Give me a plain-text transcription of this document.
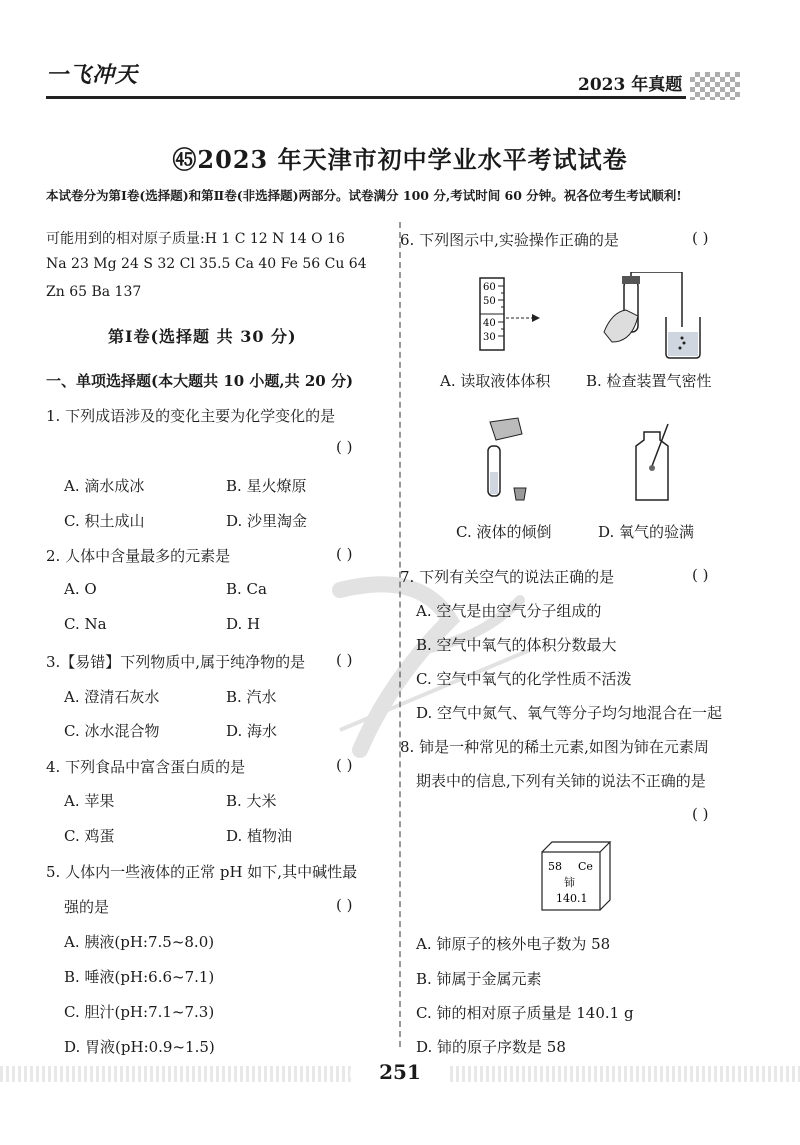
一飞冲天	2023 年真题
㊺2023 年天津市初中学业水平考试试卷
本试卷分为第Ⅰ卷(选择题)和第Ⅱ卷(非选择题)两部分。试卷满分 100 分,考试时间 60 分钟。祝各位考生考试顺利!
可能用到的相对原子质量:H 1 C 12 N 14 O 16
Na 23 Mg 24 S 32 Cl 35.5 Ca 40 Fe 56 Cu 64
Zn 65 Ba 137
第Ⅰ卷(选择题 共 30 分)
一、单项选择题(本大题共 10 小题,共 20 分)
1. 下列成语涉及的变化主要为化学变化的是
( )
A. 滴水成冰	B. 星火燎原
C. 积土成山	D. 沙里淘金
2. 人体中含量最多的元素是	( )
A. O	B. Ca
C. Na	D. H
3.【易错】下列物质中,属于纯净物的是 ( )
A. 澄清石灰水	B. 汽水
C. 冰水混合物	D. 海水
4. 下列食品中富含蛋白质的是	( )
A. 苹果	B. 大米
C. 鸡蛋	D. 植物油
5. 人体内一些液体的正常 pH 如下,其中碱性最
强的是	( )
A. 胰液(pH:7.5~8.0)
B. 唾液(pH:6.6~7.1)
C. 胆汁(pH:7.1~7.3)
D. 胃液(pH:0.9~1.5)
6. 下列图示中,实验操作正确的是	( )
60
50
40
30
A. 读取液体体积 B. 检查装置气密性
C. 液体的倾倒	D. 氧气的验满
7. 下列有关空气的说法正确的是	( )
A. 空气是由空气分子组成的
B. 空气中氧气的体积分数最大
C. 空气中氧气的化学性质不活泼
D. 空气中氮气、氧气等分子均匀地混合在一起
8. 铈是一种常见的稀土元素,如图为铈在元素周
期表中的信息,下列有关铈的说法不正确的是
( )
58 Ce
铈
140.1
A. 铈原子的核外电子数为 58
B. 铈属于金属元素
C. 铈的相对原子质量是 140.1 g
D. 铈的原子序数是 58
251
